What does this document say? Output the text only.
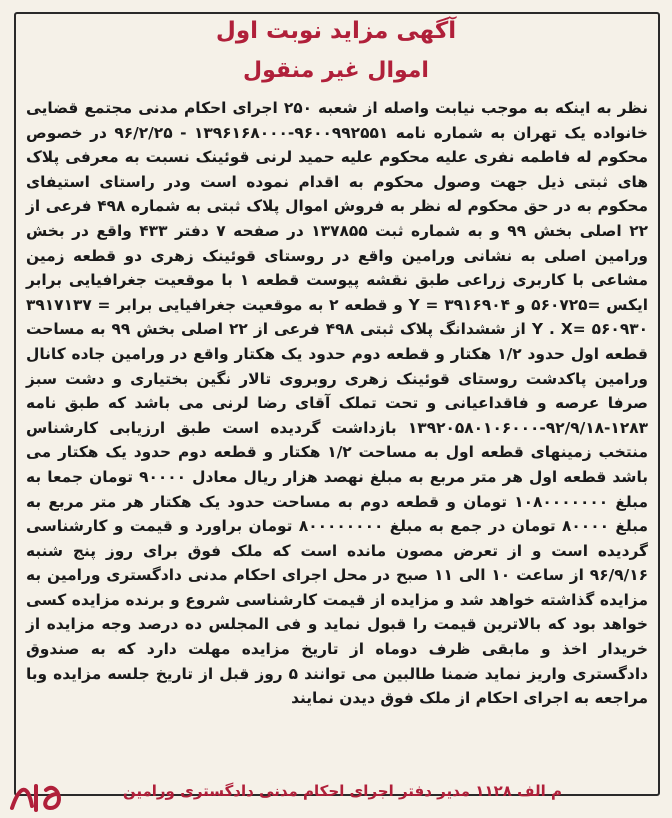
آگهی مزاید نوبت اول
اموال غیر منقول
نظر به اینکه به موجب نیابت واصله از شعبه ۲۵۰ اجرای احکام مدنی مجتمع قضایی خانواده یک تهران به شماره نامه ۹۶۰۰۹۹۲۵۵۱-۱۳۹۶۱۶۸۰۰۰ - ۹۶/۲/۲۵ در خصوص محکوم له فاطمه نفری علیه محکوم علیه حمید لرنی قوئینک نسبت به معرفی پلاک های ثبتی ذیل جهت وصول محکوم به اقدام نموده است ودر راستای استیفای محکوم به در حق محکوم له نظر به فروش اموال پلاک ثبتی به شماره ۴۹۸ فرعی از ۲۲ اصلی بخش ۹۹ و به شماره ثبت ۱۳۷۸۵۵ در صفحه ۷ دفتر ۴۳۳ واقع در بخش ورامین اصلی به نشانی ورامین واقع در روستای قوئینک زهری دو قطعه زمین مشاعی با کاربری زراعی طبق نقشه پیوست قطعه ۱ با موقعیت جغرافیایی برابر ایکس =۵۶۰۷۲۵ و ۳۹۱۶۹۰۴ = Y و قطعه ۲ به موقعیت جغرافیایی برابر = ۳۹۱۷۱۳۷ Y . X= ۵۶۰۹۳۰ از ششدانگ پلاک ثبتی ۴۹۸ فرعی از ۲۲ اصلی بخش ۹۹ به مساحت قطعه اول حدود ۱/۲ هکتار و قطعه دوم حدود یک هکتار واقع در ورامین جاده کانال ورامین پاکدشت روستای قوئینک زهری روبروی تالار نگین بختیاری و دشت سبز صرفا عرصه و فاقداعیانی و تحت تملک آقای رضا لرنی می باشد که طبق نامه ۱۲۸۳-۹۲/۹/۱۸-۱۳۹۲۰۵۸۰۱۰۶۰۰۰ بازداشت گردیده است طبق ارزیابی کارشناس منتخب زمینهای قطعه اول به مساحت ۱/۲ هکتار و قطعه دوم حدود یک هکتار می باشد قطعه اول هر متر مربع به مبلغ نهصد هزار ریال معادل ۹۰۰۰۰ تومان جمعا به مبلغ ۱۰۸۰۰۰۰۰۰۰ تومان و قطعه دوم به مساحت حدود یک هکتار هر متر مربع به مبلغ ۸۰۰۰۰ تومان در جمع به مبلغ ۸۰۰۰۰۰۰۰۰ تومان براورد و قیمت و کارشناسی گردیده است و از تعرض مصون مانده است که ملک فوق برای روز پنج شنبه ۹۶/۹/۱۶ از ساعت ۱۰ الی ۱۱ صبح در محل اجرای احکام مدنی دادگستری ورامین به مزایده گذاشته خواهد شد و مزایده از قیمت کارشناسی شروع و برنده مزایده کسی خواهد بود که بالاترین قیمت را قبول نماید و فی المجلس ده درصد وجه مزایده از خریدار اخذ و مابقی ظرف دوماه از تاریخ مزایده مهلت دارد که به صندوق دادگستری واریز نماید ضمنا طالبین می توانند ۵ روز قبل از تاریخ جلسه مزایده وبا مراجعه به اجرای احکام از ملک فوق دیدن نمایند
م الف ۱۱۲۸ مدیر دفتر اجرای احکام مدنی دادگستری ورامین
